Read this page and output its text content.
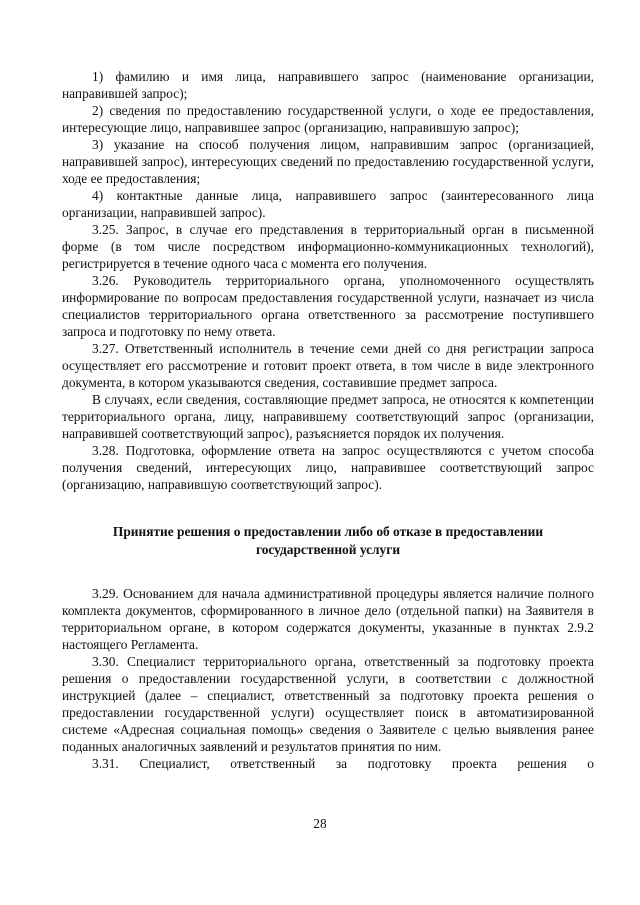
1) фамилию и имя лица, направившего запрос (наименование организации, направившей запрос);

2) сведения по предоставлению государственной услуги, о ходе ее предоставления, интересующие лицо, направившее запрос (организацию, направившую запрос);

3) указание на способ получения лицом, направившим запрос (организацией, направившей запрос), интересующих сведений по предоставлению государственной услуги, ходе ее предоставления;

4) контактные данные лица, направившего запрос (заинтересованного лица организации, направившей запрос).

3.25. Запрос, в случае его представления в территориальный орган в письменной форме (в том числе посредством информационно-коммуникационных технологий), регистрируется в течение одного часа с момента его получения.

3.26. Руководитель территориального органа, уполномоченного осуществлять информирование по вопросам предоставления государственной услуги, назначает из числа специалистов территориального органа ответственного за рассмотрение поступившего запроса и подготовку по нему ответа.

3.27. Ответственный исполнитель в течение семи дней со дня регистрации запроса осуществляет его рассмотрение и готовит проект ответа, в том числе в виде электронного документа, в котором указываются сведения, составившие предмет запроса.

В случаях, если сведения, составляющие предмет запроса, не относятся к компетенции территориального органа, лицу, направившему соответствующий запрос (организации, направившей соответствующий запрос), разъясняется порядок их получения.

3.28. Подготовка, оформление ответа на запрос осуществляются с учетом способа получения сведений, интересующих лицо, направившее соответствующий запрос (организацию, направившую соответствующий запрос).

Принятие решения о предоставлении либо об отказе в предоставлении государственной услуги

3.29. Основанием для начала административной процедуры является наличие полного комплекта документов, сформированного в личное дело (отдельной папки) на Заявителя в территориальном органе, в котором содержатся документы, указанные в пунктах 2.9.2 настоящего Регламента.

3.30. Специалист территориального органа, ответственный за подготовку проекта решения о предоставлении государственной услуги, в соответствии с должностной инструкцией (далее – специалист, ответственный за подготовку проекта решения о предоставлении государственной услуги) осуществляет поиск в автоматизированной системе «Адресная социальная помощь» сведения о Заявителе с целью выявления ранее поданных аналогичных заявлений и результатов принятия по ним.

3.31. Специалист, ответственный за подготовку проекта решения о

28
